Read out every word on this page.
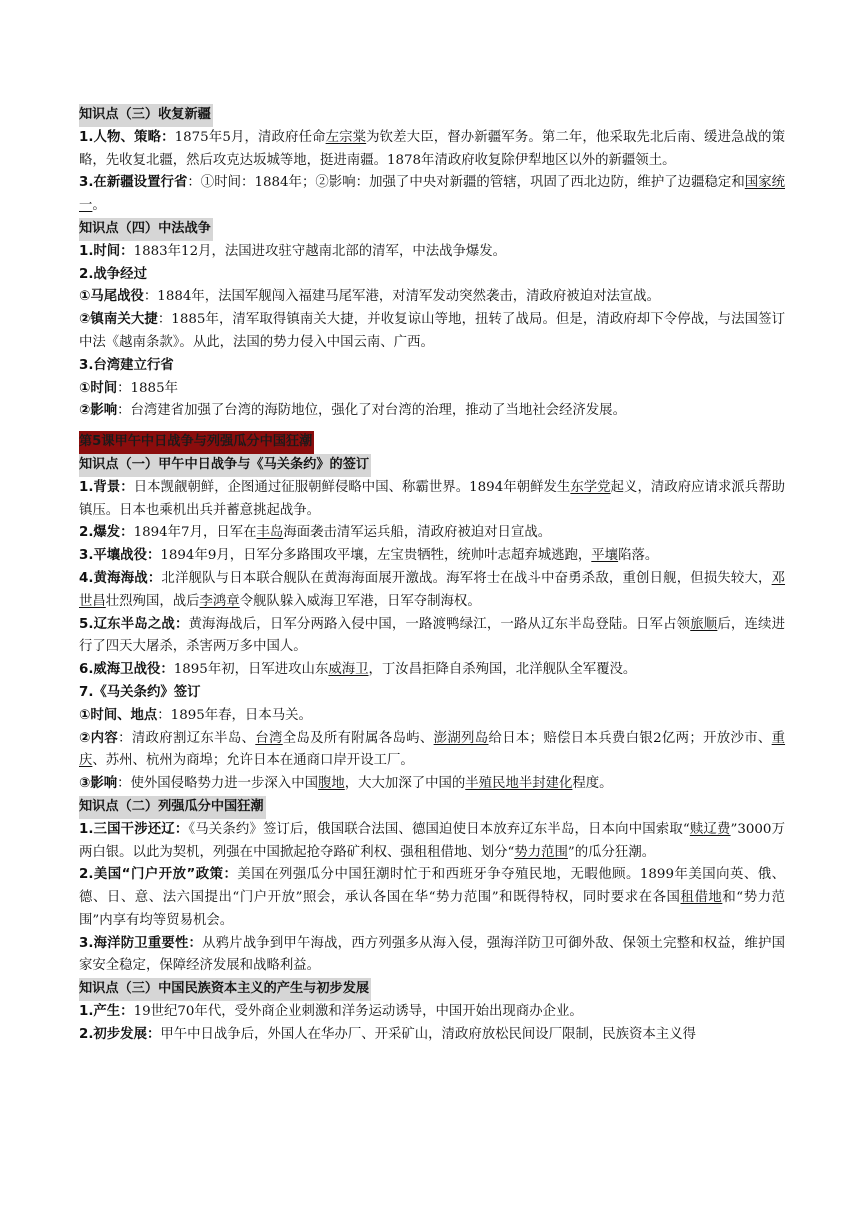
知识点（三）收复新疆
1.人物、策略：1875年5月，清政府任命左宗棠为钦差大臣，督办新疆军务。第二年，他采取先北后南、缓进急战的策略，先收复北疆，然后攻克达坂城等地，挺进南疆。1878年清政府收复除伊犁地区以外的新疆领土。
3.在新疆设置行省：①时间：1884年；②影响：加强了中央对新疆的管辖，巩固了西北边防，维护了边疆稳定和国家统一。
知识点（四）中法战争
1.时间：1883年12月，法国进攻驻守越南北部的清军，中法战争爆发。
2.战争经过
①马尾战役：1884年，法国军舰闯入福建马尾军港，对清军发动突然袭击，清政府被迫对法宣战。
②镇南关大捷：1885年，清军取得镇南关大捷，并收复谅山等地，扭转了战局。但是，清政府却下令停战，与法国签订中法《越南条款》。从此，法国的势力侵入中国云南、广西。
3.台湾建立行省
①时间：1885年
②影响：台湾建省加强了台湾的海防地位，强化了对台湾的治理，推动了当地社会经济发展。
第5课甲午中日战争与列强瓜分中国狂潮
知识点（一）甲午中日战争与《马关条约》的签订
1.背景：日本觊觎朝鲜，企图通过征服朝鲜侵略中国、称霸世界。1894年朝鲜发生东学党起义，清政府应请求派兵帮助镇压。日本也乘机出兵并蓄意挑起战争。
2.爆发：1894年7月，日军在丰岛海面袭击清军运兵船，清政府被迫对日宣战。
3.平壤战役：1894年9月，日军分多路围攻平壤，左宝贵牺牲，统帅叶志超弃城逃跑，平壤陷落。
4.黄海海战：北洋舰队与日本联合舰队在黄海海面展开激战。海军将士在战斗中奋勇杀敌，重创日舰，但损失较大，邓世昌壮烈殉国，战后李鸿章令舰队躲入威海卫军港，日军夺制海权。
5.辽东半岛之战：黄海海战后，日军分两路入侵中国，一路渡鸭绿江，一路从辽东半岛登陆。日军占领旅顺后，连续进行了四天大屠杀，杀害两万多中国人。
6.威海卫战役：1895年初，日军进攻山东威海卫，丁汝昌拒降自杀殉国，北洋舰队全军覆没。
7.《马关条约》签订
①时间、地点：1895年春，日本马关。
②内容：清政府割辽东半岛、台湾全岛及所有附属各岛屿、澎湖列岛给日本；赔偿日本兵费白银2亿两；开放沙市、重庆、苏州、杭州为商埠；允许日本在通商口岸开设工厂。
③影响：使外国侵略势力进一步深入中国腹地，大大加深了中国的半殖民地半封建化程度。
知识点（二）列强瓜分中国狂潮
1.三国干涉还辽：《马关条约》签订后，俄国联合法国、德国迫使日本放弃辽东半岛，日本向中国索取“赎辽费”3000万两白银。以此为契机，列强在中国掀起抢夺路矿利权、强租租借地、划分“势力范围”的瓜分狂潮。
2.美国“门户开放”政策：美国在列强瓜分中国狂潮时忙于和西班牙争夺殖民地，无暇他顾。1899年美国向英、俄、德、日、意、法六国提出“门户开放”照会，承认各国在华“势力范围”和既得特权，同时要求在各国租借地和“势力范围”内享有均等贸易机会。
3.海洋防卫重要性：从鸦片战争到甲午海战，西方列强多从海入侵，强海洋防卫可御外敌、保领土完整和权益，维护国家安全稳定，保障经济发展和战略利益。
知识点（三）中国民族资本主义的产生与初步发展
1.产生：19世纪70年代，受外商企业刺激和洋务运动诱导，中国开始出现商办企业。
2.初步发展：甲午中日战争后，外国人在华办厂、开采矿山，清政府放松民间设厂限制，民族资本主义得
